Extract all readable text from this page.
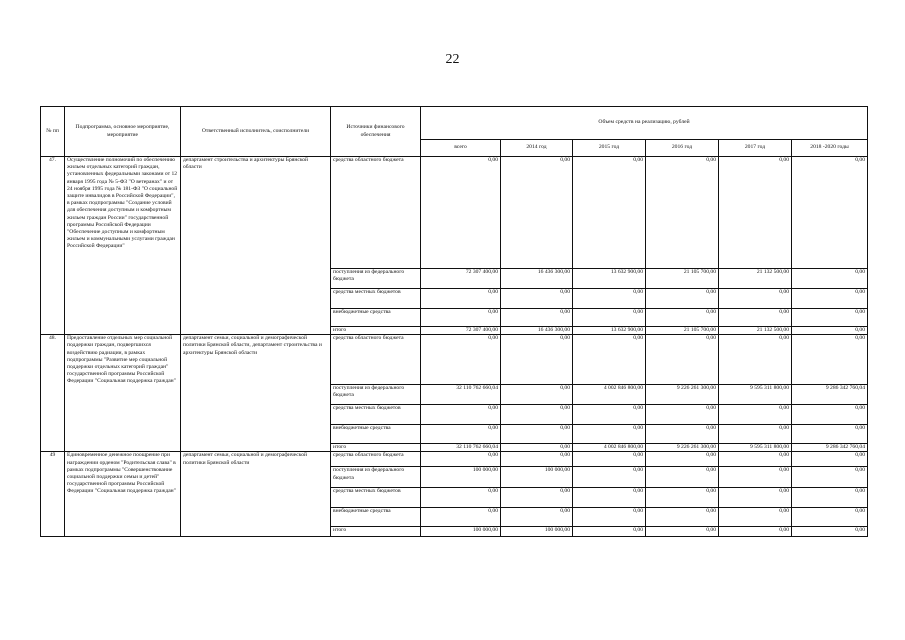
22
№ пп	Подпрограмма, основное мероприятие, мероприятие	Ответственный исполнитель, соисполнители	Источники финансового обеспечения	Объем средств на реализацию, рублей					
				всего	2014 год	2015 год	2016 год	2017 год	2018 -2020 годы
47.	Осуществление полномочий по обеспечению жильем отдельных категорий граждан, установленных федеральными законами от 12 января 1995 года № 5-ФЗ "О ветеранах" и от 24 ноября 1995 года № 181-ФЗ "О социальной защите инвалидов в Российской Федерации", в рамках подпрограммы "Создание условий для обеспечения доступным и комфортным жильем граждан России" государственной программы Российской Федерации "Обеспечение доступным и комфортным жильем и коммунальными услугами граждан Российской Федерации"	департамент строительства и архитектуры Брянской области	средства областного бюджета	0,00	0,00	0,00	0,00	0,00	0,00
			поступления из федерального бюджета	72 307 400,00	16 436 300,00	13 632 900,00	21 105 700,00	21 132 500,00	0,00
			средства местных бюджетов	0,00	0,00	0,00	0,00	0,00	0,00
			внебюджетные средства	0,00	0,00	0,00	0,00	0,00	0,00
			итого	72 307 400,00	16 436 300,00	13 632 900,00	21 105 700,00	21 132 500,00	0,00
48.	Предоставление отдельных мер социальной поддержки граждан, подвергшихся воздействию радиации, в рамках подпрограммы "Развитие мер социальной поддержки отдельных категорий граждан" государственной программы Российской Федерации "Социальная поддержка граждан"	департамент семьи, социальной и демографической политики Брянской области, департамент строительства и архитектуры Брянской области	средства областного бюджета	0,00	0,00	0,00	0,00	0,00	0,00
			поступления из федерального бюджета	32 110 762 660,04	0,00	4 002 846 800,00	9 226 261 300,00	9 595 311 800,00	9 286 342 760,04
			средства местных бюджетов	0,00	0,00	0,00	0,00	0,00	0,00
			внебюджетные средства	0,00	0,00	0,00	0,00	0,00	0,00
			итого	32 110 762 660,04	0,00	4 002 846 800,00	9 226 261 300,00	9 595 311 800,00	9 286 342 760,04
49	Единовременное денежное поощрение при награждении орденом "Родительская слава" в рамках подпрограммы "Совершенствование социальной поддержки семьи и детей" государственной программы Российской Федерации "Социальная поддержка граждан"	департамент семьи, социальной и демографической политики Брянской области	средства областного бюджета	0,00	0,00	0,00	0,00	0,00	0,00
			поступления из федерального бюджета	100 000,00	100 000,00	0,00	0,00	0,00	0,00
			средства местных бюджетов	0,00	0,00	0,00	0,00	0,00	0,00
			внебюджетные средства	0,00	0,00	0,00	0,00	0,00	0,00
			итого	100 000,00	100 000,00	0,00	0,00	0,00	0,00
